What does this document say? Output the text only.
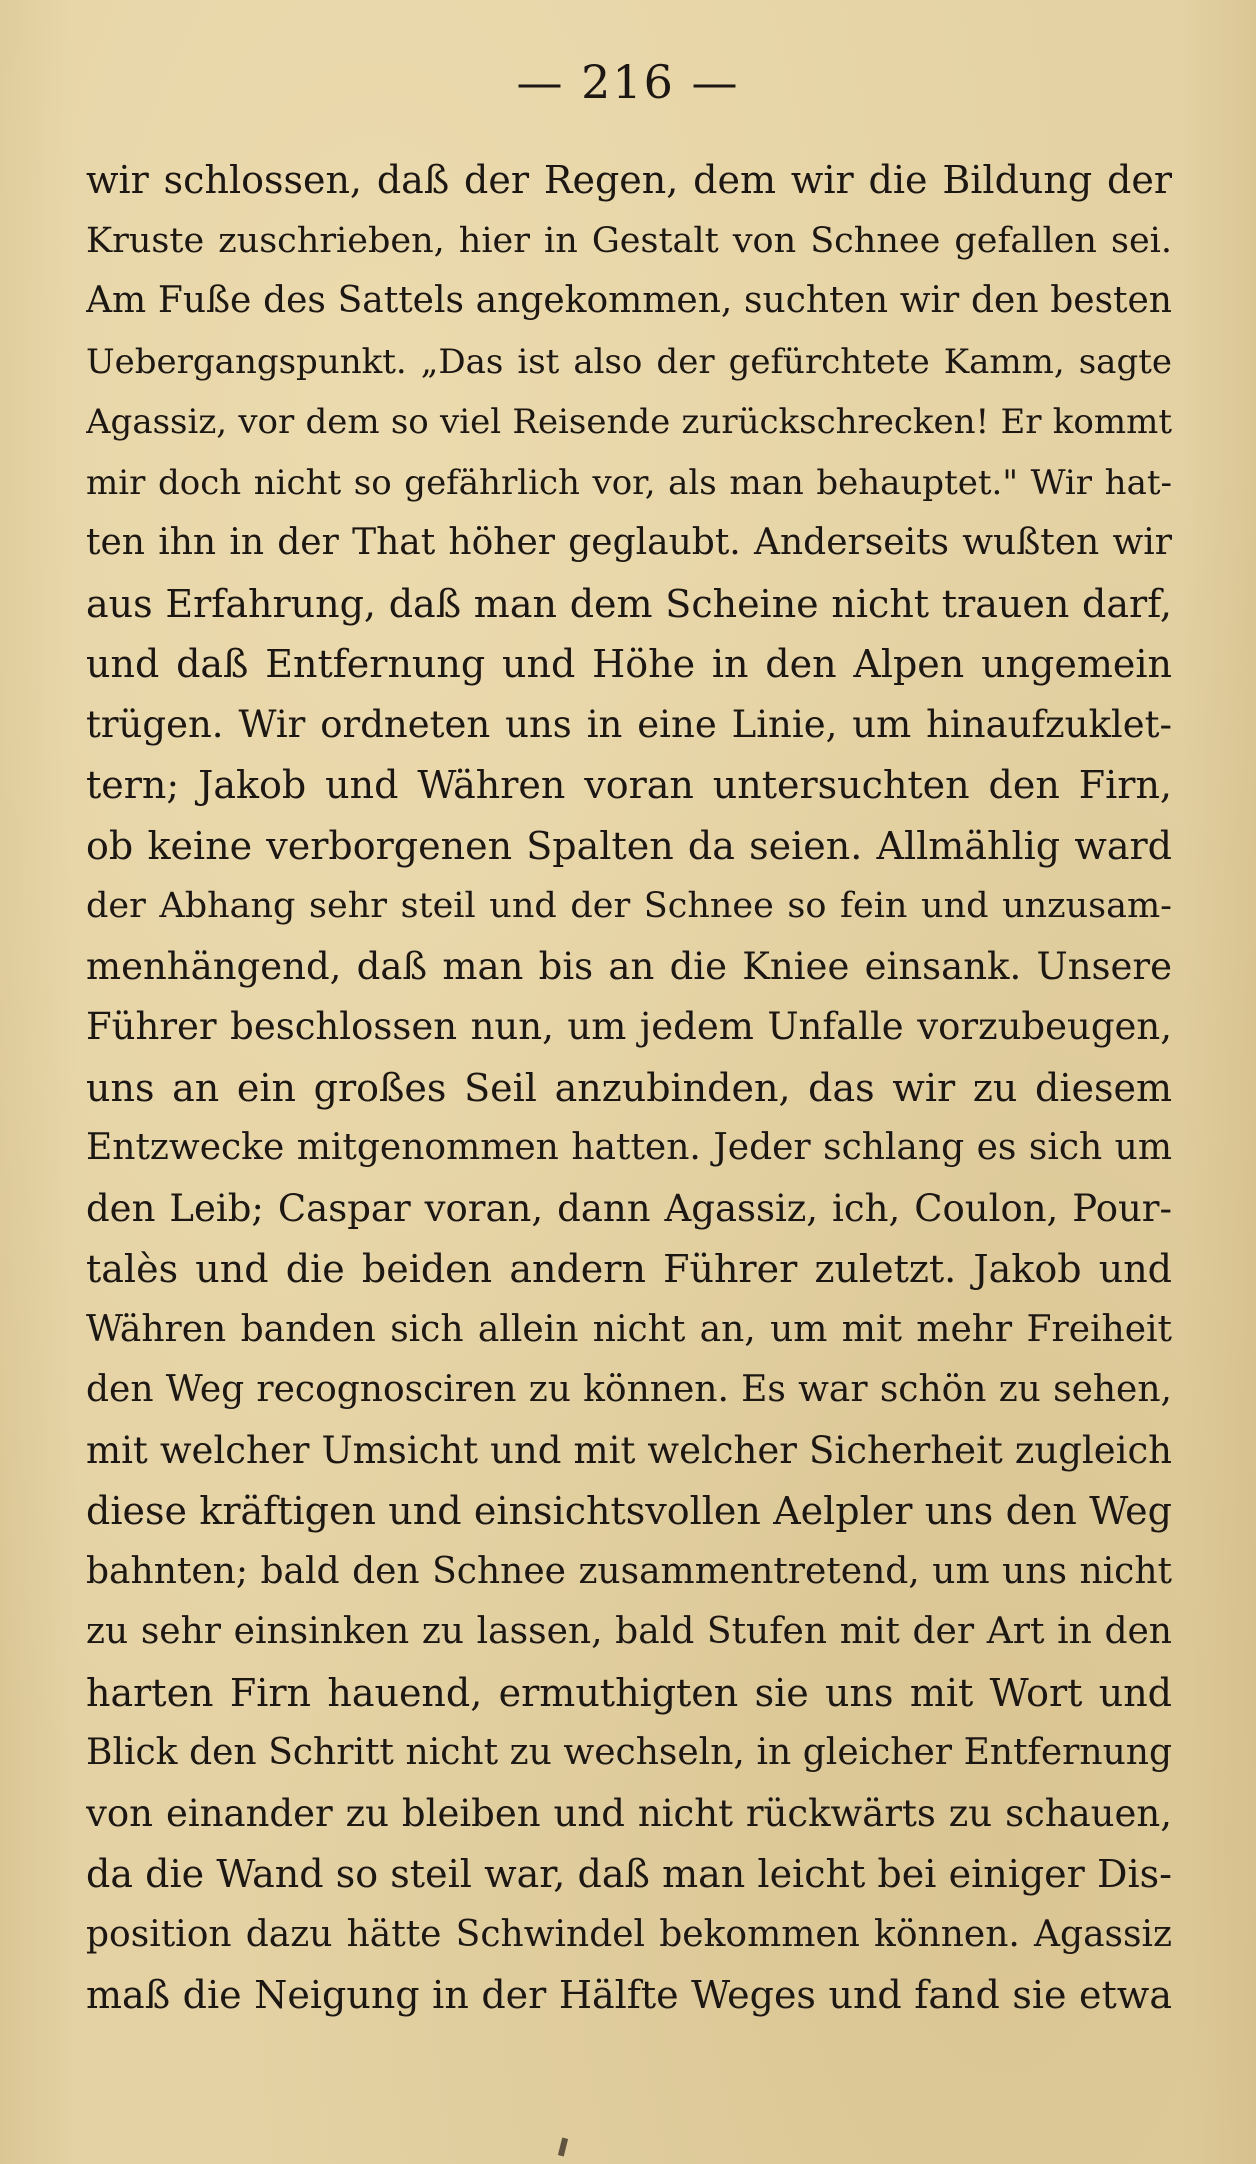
— 216 —
wir schlossen, daß der Regen, dem wir die Bildung der
Kruste zuschrieben, hier in Gestalt von Schnee gefallen sei.
Am Fuße des Sattels angekommen, suchten wir den besten
Uebergangspunkt. „Das ist also der gefürchtete Kamm, sagte
Agassiz, vor dem so viel Reisende zurückschrecken! Er kommt
mir doch nicht so gefährlich vor, als man behauptet." Wir hat-
ten ihn in der That höher geglaubt. Anderseits wußten wir
aus Erfahrung, daß man dem Scheine nicht trauen darf,
und daß Entfernung und Höhe in den Alpen ungemein
trügen. Wir ordneten uns in eine Linie, um hinaufzuklet-
tern; Jakob und Währen voran untersuchten den Firn,
ob keine verborgenen Spalten da seien. Allmählig ward
der Abhang sehr steil und der Schnee so fein und unzusam-
menhängend, daß man bis an die Kniee einsank. Unsere
Führer beschlossen nun, um jedem Unfalle vorzubeugen,
uns an ein großes Seil anzubinden, das wir zu diesem
Entzwecke mitgenommen hatten. Jeder schlang es sich um
den Leib; Caspar voran, dann Agassiz, ich, Coulon, Pour-
talès und die beiden andern Führer zuletzt. Jakob und
Währen banden sich allein nicht an, um mit mehr Freiheit
den Weg recognosciren zu können. Es war schön zu sehen,
mit welcher Umsicht und mit welcher Sicherheit zugleich
diese kräftigen und einsichtsvollen Aelpler uns den Weg
bahnten; bald den Schnee zusammentretend, um uns nicht
zu sehr einsinken zu lassen, bald Stufen mit der Art in den
harten Firn hauend, ermuthigten sie uns mit Wort und
Blick den Schritt nicht zu wechseln, in gleicher Entfernung
von einander zu bleiben und nicht rückwärts zu schauen,
da die Wand so steil war, daß man leicht bei einiger Dis-
position dazu hätte Schwindel bekommen können. Agassiz
maß die Neigung in der Hälfte Weges und fand sie etwa
